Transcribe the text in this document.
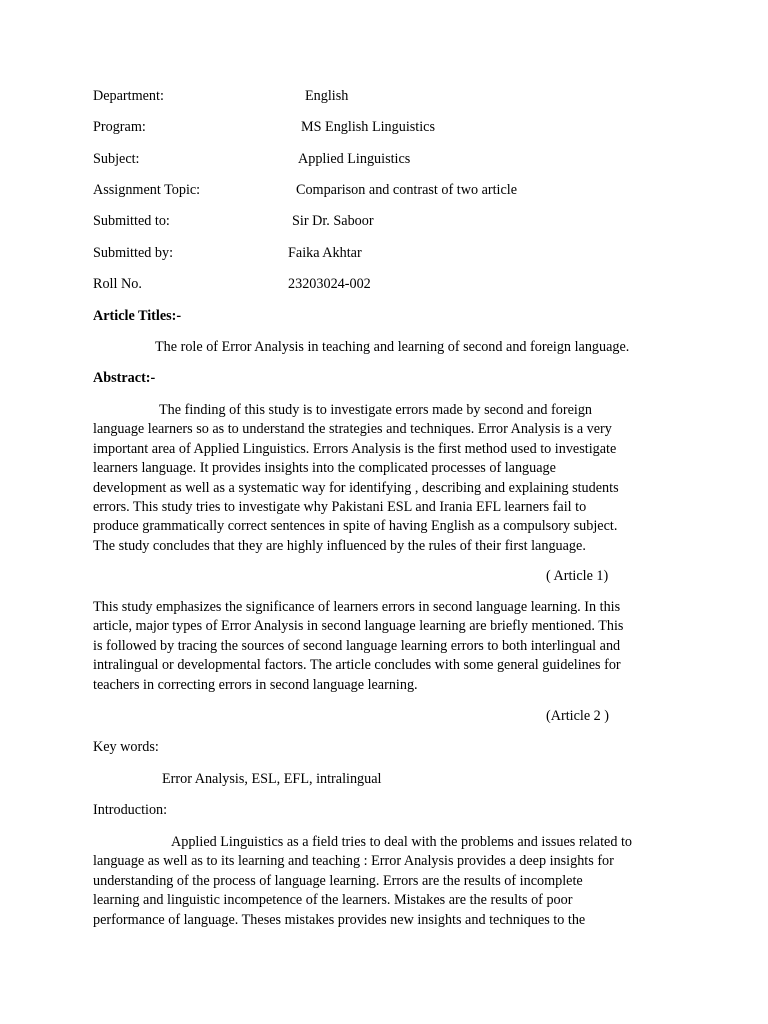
Department:	English
Program:	MS English Linguistics
Subject:	Applied Linguistics
Assignment Topic:	Comparison and contrast of two article
Submitted to:	Sir Dr. Saboor
Submitted by:	Faika Akhtar
Roll No.	23203024-002
Article Titles:-
The role of Error Analysis in teaching and learning of second and foreign language.
Abstract:-

The finding of this study is to investigate errors made by second and foreign

language learners so as to understand the strategies and techniques. Error Analysis is a very

important area of Applied Linguistics. Errors Analysis is the first method used to investigate

learners language. It provides insights into the complicated processes of language

development as well as a systematic way for identifying , describing and explaining students

errors. This study tries to investigate why Pakistani ESL and Irania EFL learners fail to

produce grammatically correct sentences in spite of having English as a compulsory subject.

The study concludes that they are highly influenced by the rules of their first language.

( Article 1)

This study emphasizes the significance of learners errors in second language learning. In this

article, major types of Error Analysis in second language learning are briefly mentioned. This

is followed by tracing the sources of second language learning errors to both interlingual and

intralingual or developmental factors. The article concludes with some general guidelines for

teachers in correcting errors in second language learning.

(Article 2 )
Key words:
Error Analysis, ESL, EFL, intralingual
Introduction:

Applied Linguistics as a field tries to deal with the problems and issues related to

language as well as to its learning and teaching : Error Analysis provides a deep insights for

understanding of the process of language learning. Errors are the results of incomplete

learning and linguistic incompetence of the learners. Mistakes are the results of poor

performance of language. Theses mistakes provides new insights and techniques to the
